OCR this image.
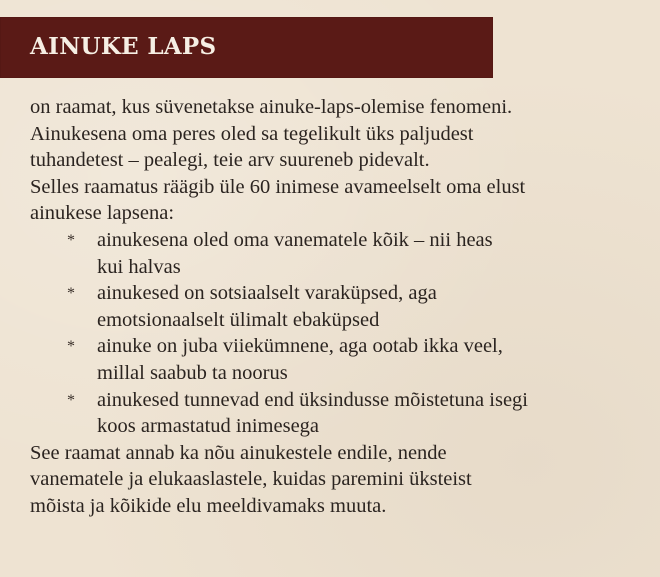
AINUKE LAPS

on raamat, kus süvenetakse ainuke-laps-olemise fenomeni.

Ainukesena oma peres oled sa tegelikult üks paljudest

tuhandetest – pealegi, teie arv suureneb pidevalt.

Selles raamatus räägib üle 60 inimese avameelselt oma elust

ainukese lapsena:

* ainukesena oled oma vanematele kõik – nii heas
kui halvas
* ainukesed on sotsiaalselt varaküpsed, aga
emotsionaalselt ülimalt ebaküpsed
* ainuke on juba viiekümnene, aga ootab ikka veel,
millal saabub ta noorus
* ainukesed tunnevad end üksindusse mõistetuna isegi
koos armastatud inimesega

See raamat annab ka nõu ainukestele endile, nende

vanematele ja elukaaslastele, kuidas paremini üksteist

mõista ja kõikide elu meeldivamaks muuta.
